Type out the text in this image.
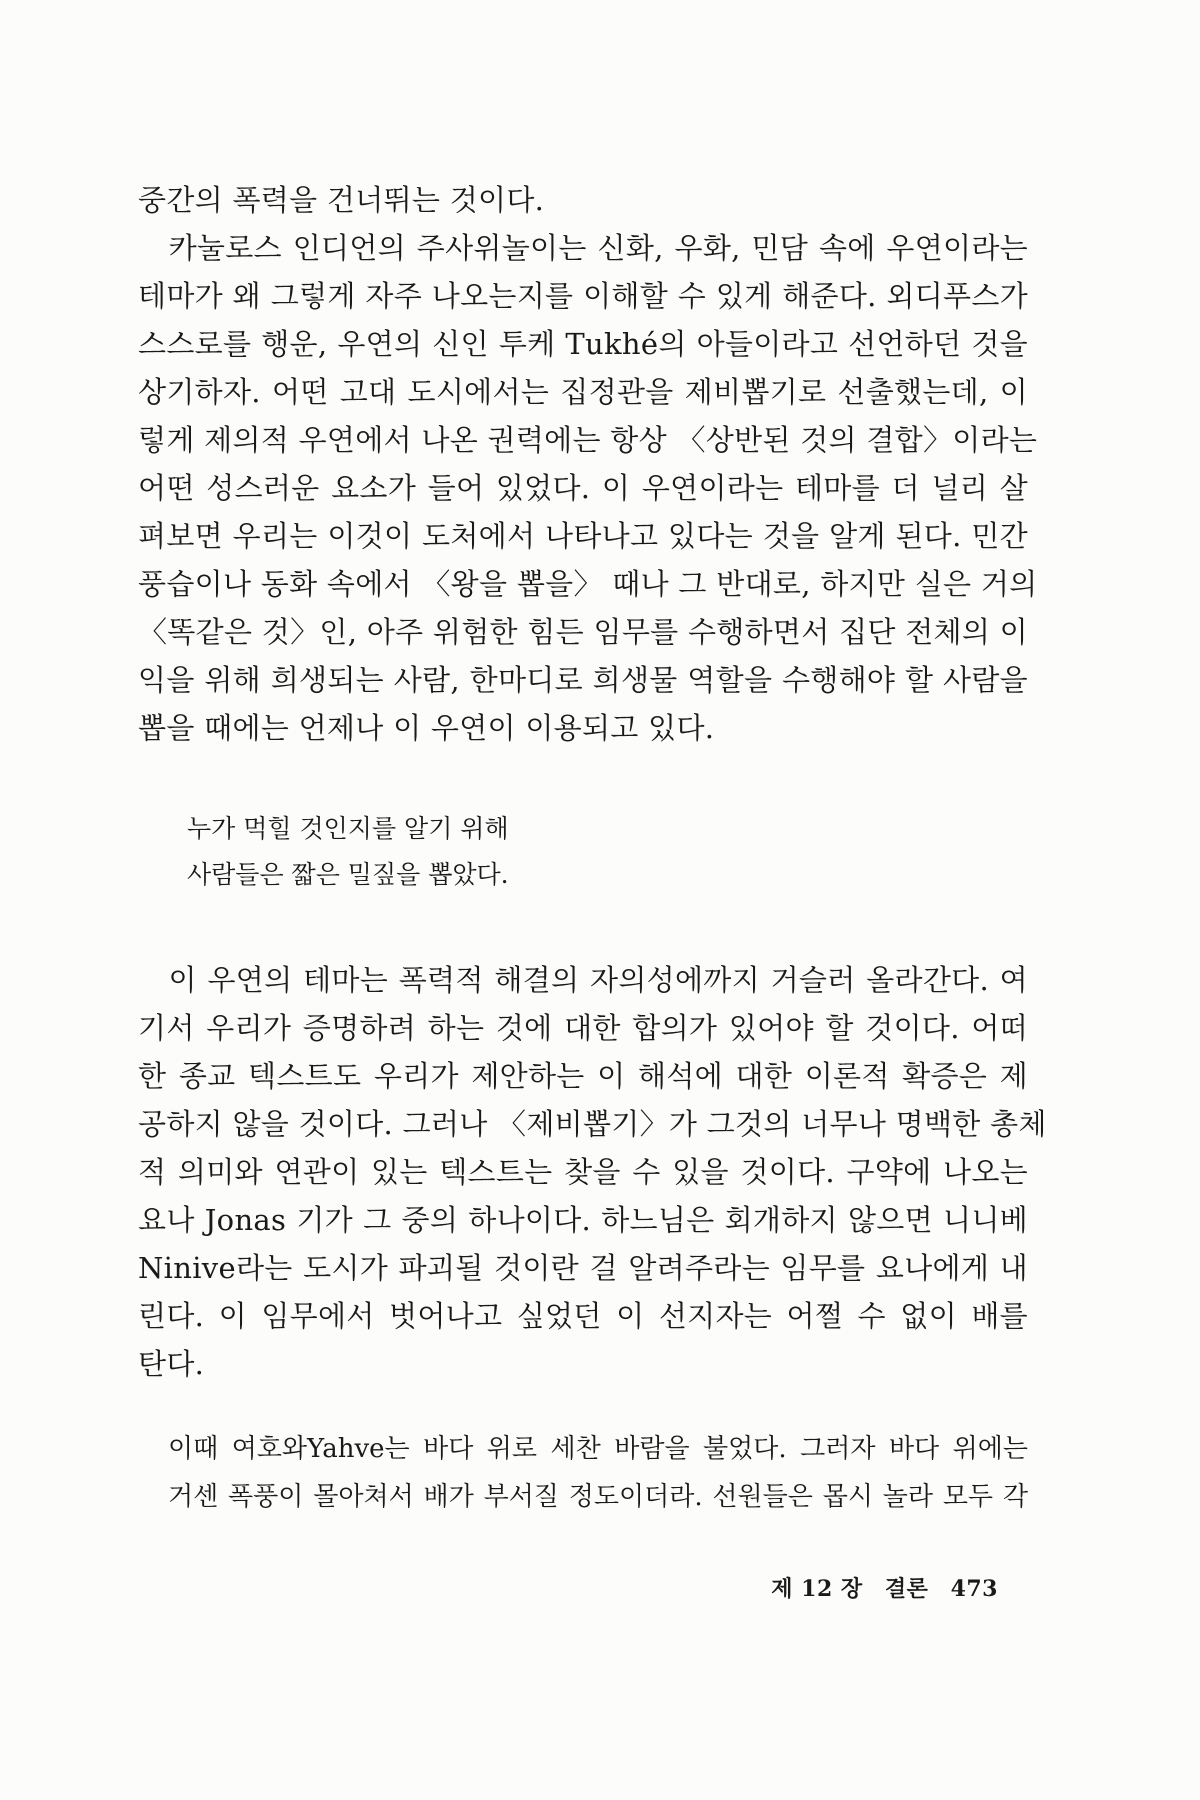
중간의 폭력을 건너뛰는 것이다.
　카눌로스 인디언의 주사위놀이는 신화, 우화, 민담 속에 우연이라는
테마가 왜 그렇게 자주 나오는지를 이해할 수 있게 해준다. 외디푸스가
스스로를 행운, 우연의 신인 투케 Tukhé의 아들이라고 선언하던 것을
상기하자. 어떤 고대 도시에서는 집정관을 제비뽑기로 선출했는데, 이
렇게 제의적 우연에서 나온 권력에는 항상 〈상반된 것의 결합〉이라는
어떤 성스러운 요소가 들어 있었다. 이 우연이라는 테마를 더 널리 살
펴보면 우리는 이것이 도처에서 나타나고 있다는 것을 알게 된다. 민간
풍습이나 동화 속에서 〈왕을 뽑을〉 때나 그 반대로, 하지만 실은 거의
〈똑같은 것〉인, 아주 위험한 힘든 임무를 수행하면서 집단 전체의 이
익을 위해 희생되는 사람, 한마디로 희생물 역할을 수행해야 할 사람을
뽑을 때에는 언제나 이 우연이 이용되고 있다.
누가 먹힐 것인지를 알기 위해
사람들은 짧은 밀짚을 뽑았다.
　이 우연의 테마는 폭력적 해결의 자의성에까지 거슬러 올라간다. 여
기서 우리가 증명하려 하는 것에 대한 합의가 있어야 할 것이다. 어떠
한 종교 텍스트도 우리가 제안하는 이 해석에 대한 이론적 확증은 제
공하지 않을 것이다. 그러나 〈제비뽑기〉가 그것의 너무나 명백한 총체
적 의미와 연관이 있는 텍스트는 찾을 수 있을 것이다. 구약에 나오는
요나 Jonas 기가 그 중의 하나이다. 하느님은 회개하지 않으면 니니베
Ninive라는 도시가 파괴될 것이란 걸 알려주라는 임무를 요나에게 내
린다. 이 임무에서 벗어나고 싶었던 이 선지자는 어쩔 수 없이 배를
탄다.
이때 여호와Yahve는 바다 위로 세찬 바람을 불었다. 그러자 바다 위에는
거센 폭풍이 몰아쳐서 배가 부서질 정도이더라. 선원들은 몹시 놀라 모두 각
제 12 장 결론 473
